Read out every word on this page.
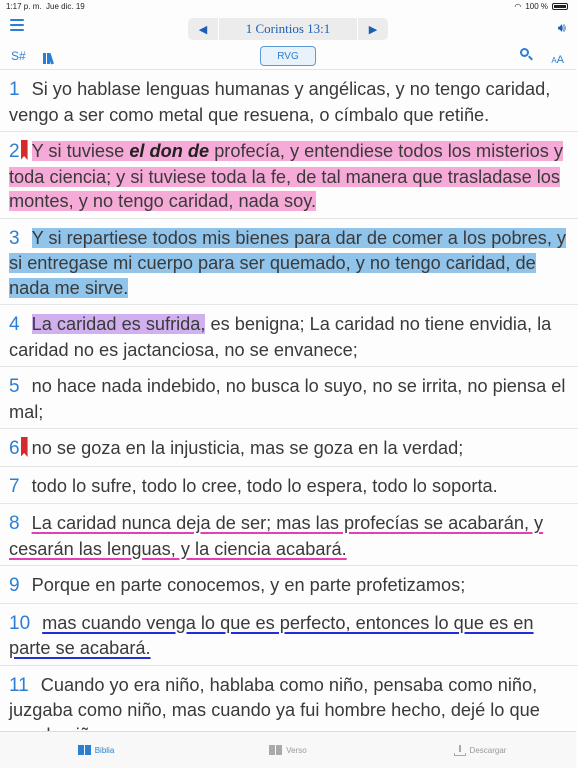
1:17 p. m. Jue dic. 19	◠ 100 %
◀	1 Corintios 13:1	▶	🔊︎
S#	RVG	AA
1 Si yo hablase lenguas humanas y angélicas, y no tengo caridad, vengo a ser como metal que resuena, o címbalo que retiñe.
2 Y si tuviese el don de profecía, y entendiese todos los misterios y toda ciencia; y si tuviese toda la fe, de tal manera que trasladase los montes, y no tengo caridad, nada soy.
3 Y si repartiese todos mis bienes para dar de comer a los pobres, y si entregase mi cuerpo para ser quemado, y no tengo caridad, de nada me sirve.
4 La caridad es sufrida, es benigna; La caridad no tiene envidia, la caridad no es jactanciosa, no se envanece;
5 no hace nada indebido, no busca lo suyo, no se irrita, no piensa el mal;
6 no se goza en la injusticia, mas se goza en la verdad;
7 todo lo sufre, todo lo cree, todo lo espera, todo lo soporta.
8 La caridad nunca deja de ser; mas las profecías se acabarán, y cesarán las lenguas, y la ciencia acabará.
9 Porque en parte conocemos, y en parte profetizamos;
10 mas cuando venga lo que es perfecto, entonces lo que es en parte se acabará.
11 Cuando yo era niño, hablaba como niño, pensaba como niño, juzgaba como niño, mas cuando ya fui hombre hecho, dejé lo que
Biblia	Verso	Descargar
